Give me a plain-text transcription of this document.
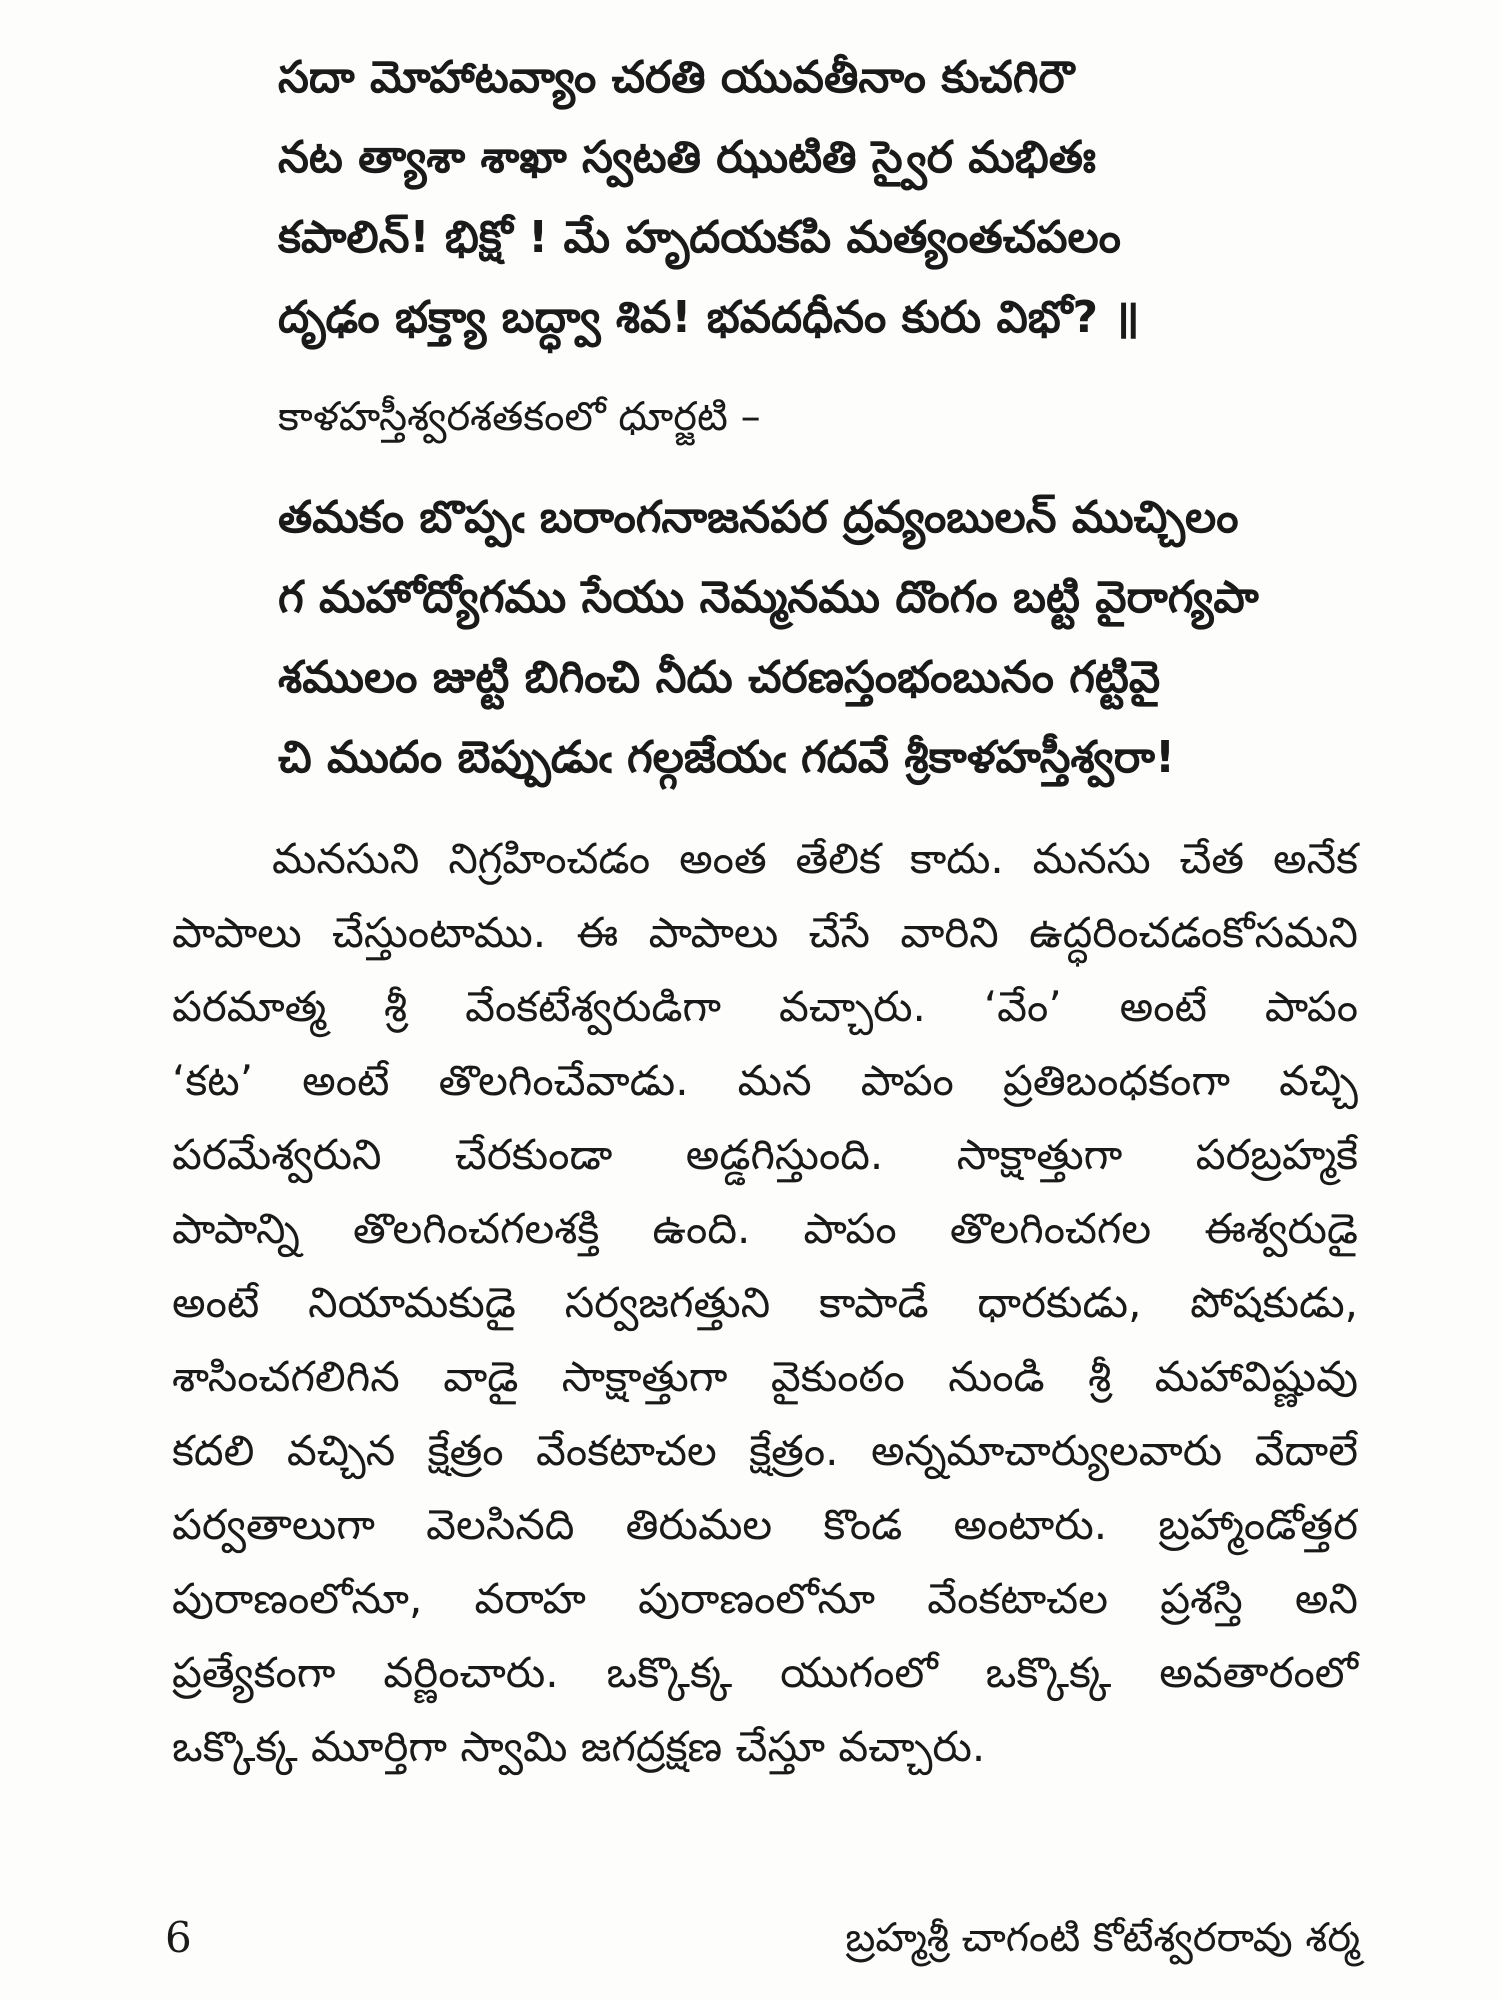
సదా మోహాటవ్యాం చరతి యువతీనాం కుచగిరౌ

నట త్యాశా శాఖా స్వటతి ఝుటితి స్వైర మభితః

కపాలిన్! భిక్షో ! మే హృదయకపి మత్యంతచపలం

దృఢం భక్త్యా బద్ధ్వా శివ! భవదధీనం కురు విభో? ॥

కాళహస్తీశ్వరశతకంలో ధూర్జటి –

తమకం బొప్పఁ బరాంగనాజనపర ద్రవ్యంబులన్ ముచ్చిలం

గ మహోద్యోగము సేయు నెమ్మనము దొంగం బట్టి వైరాగ్యపా

శములం జుట్టి బిగించి నీదు చరణస్తంభంబునం గట్టివై

చి ముదం బెప్పుడుఁ గల్గజేయఁ గదవే శ్రీకాళహస్తీశ్వరా!

మనసుని నిగ్రహించడం అంత తేలిక కాదు. మనసు చేత అనేక

పాపాలు చేస్తుంటాము. ఈ పాపాలు చేసే వారిని ఉద్ధరించడంకోసమని

పరమాత్మ శ్రీ వేంకటేశ్వరుడిగా వచ్చారు. ‘వేం’ అంటే పాపం

‘కట’ అంటే తొలగించేవాడు. మన పాపం ప్రతిబంధకంగా వచ్చి

పరమేశ్వరుని చేరకుండా అడ్డగిస్తుంది. సాక్షాత్తుగా పరబ్రహ్మకే

పాపాన్ని తొలగించగలశక్తి ఉంది. పాపం తొలగించగల ఈశ్వరుడై

అంటే నియామకుడై సర్వజగత్తుని కాపాడే ధారకుడు, పోషకుడు,

శాసించగలిగిన వాడై సాక్షాత్తుగా వైకుంఠం నుండి శ్రీ మహావిష్ణువు

కదలి వచ్చిన క్షేత్రం వేంకటాచల క్షేత్రం. అన్నమాచార్యులవారు వేదాలే

పర్వతాలుగా వెలసినది తిరుమల కొండ అంటారు. బ్రహ్మాండోత్తర

పురాణంలోనూ, వరాహ పురాణంలోనూ వేంకటాచల ప్రశస్తి అని

ప్రత్యేకంగా వర్ణించారు. ఒక్కొక్క యుగంలో ఒక్కొక్క అవతారంలో

ఒక్కొక్క మూర్తిగా స్వామి జగద్రక్షణ చేస్తూ వచ్చారు.

6	బ్రహ్మశ్రీ చాగంటి కోటేశ్వరరావు శర్మ
